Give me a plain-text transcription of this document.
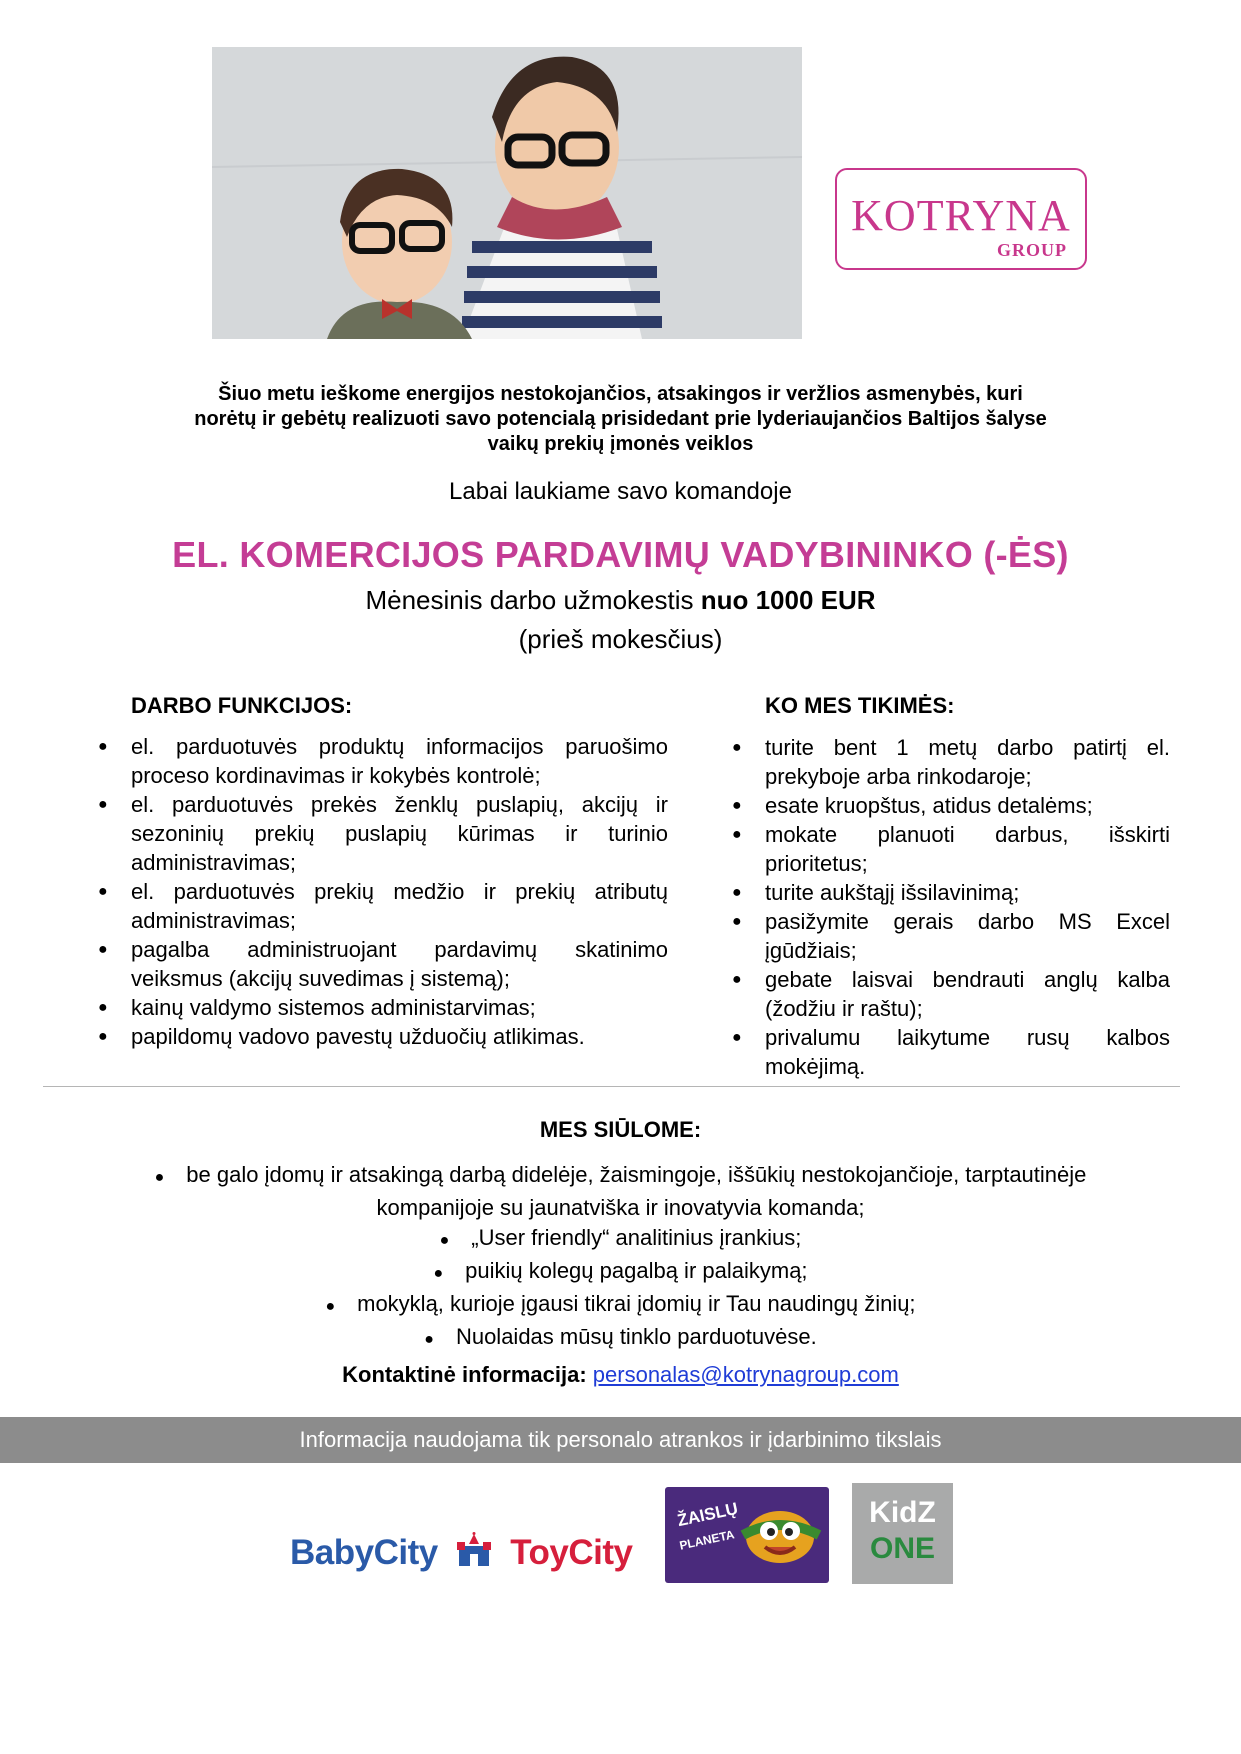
KOTRYNA
GROUP
Šiuo metu ieškome energijos nestokojančios, atsakingos ir veržlios asmenybės, kuri
norėtų ir gebėtų realizuoti savo potencialą prisidedant prie lyderiaujančios Baltijos šalyse
vaikų prekių įmonės veiklos
Labai laukiame savo komandoje
EL. KOMERCIJOS PARDAVIMŲ VADYBININKO (-ĖS)
Mėnesinis darbo užmokestis nuo 1000 EUR
(prieš mokesčius)
DARBO FUNKCIJOS:
● el. parduotuvės produktų informacijos paruošimo proceso kordinavimas ir kokybės kontrolė;
● el. parduotuvės prekės ženklų puslapių, akcijų ir sezoninių prekių puslapių kūrimas ir turinio administravimas;
● el. parduotuvės prekių medžio ir prekių atributų administravimas;
● pagalba administruojant pardavimų skatinimo veiksmus (akcijų suvedimas į sistemą);
● kainų valdymo sistemos administarvimas;
● papildomų vadovo pavestų užduočių atlikimas.
KO MES TIKIMĖS:
● turite bent 1 metų darbo patirtį el. prekyboje arba rinkodaroje;
● esate kruopštus, atidus detalėms;
● mokate planuoti darbus, išskirti prioritetus;
● turite aukštąjį išsilavinimą;
● pasižymite gerais darbo MS Excel įgūdžiais;
● gebate laisvai bendrauti anglų kalba (žodžiu ir raštu);
● privalumu laikytume rusų kalbos mokėjimą.
MES SIŪLOME:
● be galo įdomų ir atsakingą darbą didelėje, žaismingoje, iššūkių nestokojančioje, tarptautinėje kompanijoje su jaunatviška ir inovatyvia komanda;
● „User friendly“ analitinius įrankius;
● puikių kolegų pagalbą ir palaikymą;
● mokyklą, kurioje įgausi tikrai įdomių ir Tau naudingų žinių;
● Nuolaidas mūsų tinklo parduotuvėse.
Kontaktinė informacija: personalas@kotrynagroup.com
Informacija naudojama tik personalo atrankos ir įdarbinimo tikslais
BabyCity ToyCity
ŽAISLŲ
PLANETA
KidZ
ONE
